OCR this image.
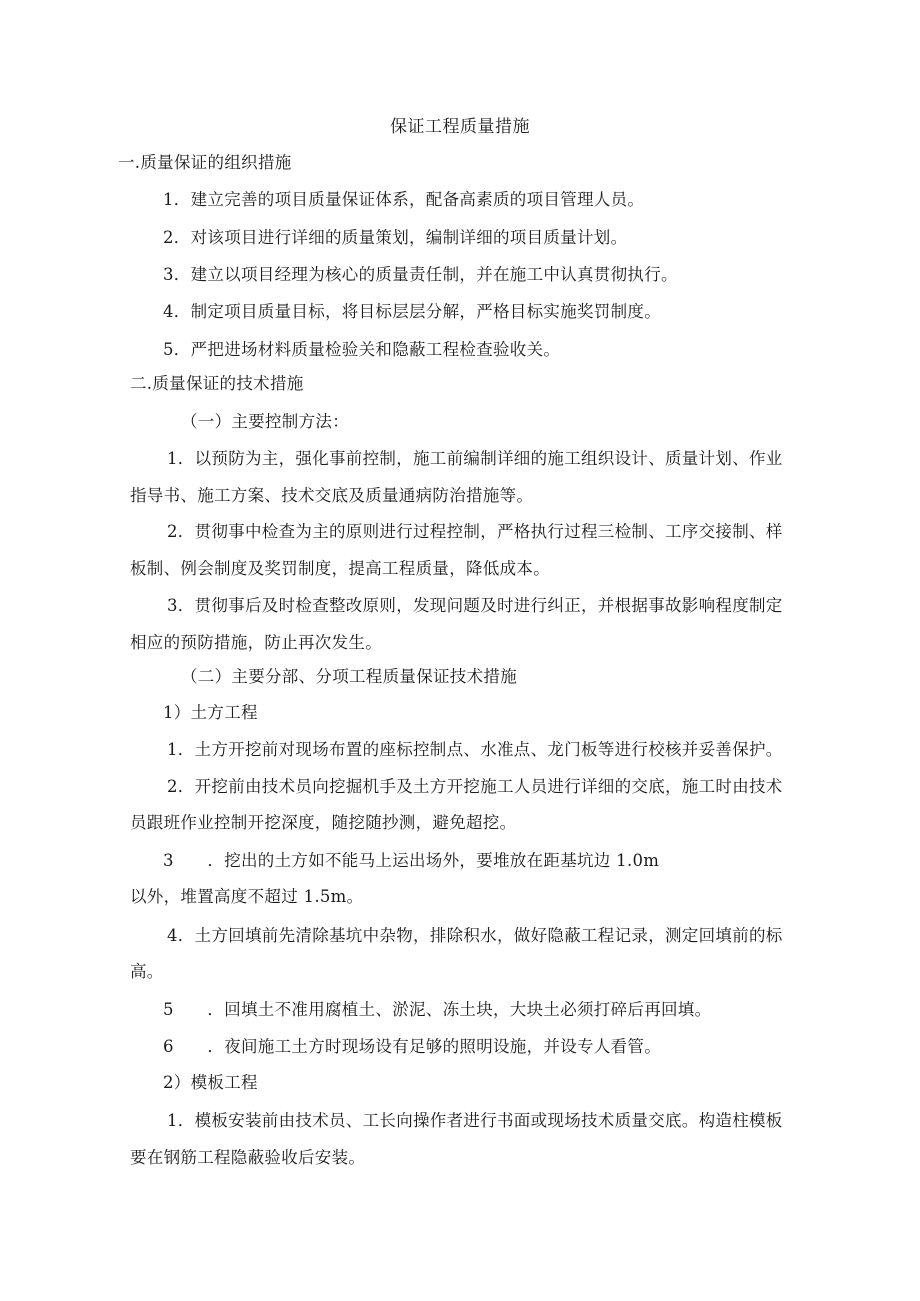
保证工程质量措施
一.质量保证的组织措施
1．建立完善的项目质量保证体系，配备高素质的项目管理人员。
2．对该项目进行详细的质量策划，编制详细的项目质量计划。
3．建立以项目经理为核心的质量责任制，并在施工中认真贯彻执行。
4．制定项目质量目标，将目标层层分解，严格目标实施奖罚制度。
5．严把进场材料质量检验关和隐蔽工程检查验收关。
二.质量保证的技术措施
（一）主要控制方法：
1．以预防为主，强化事前控制，施工前编制详细的施工组织设计、质量计划、作业
指导书、施工方案、技术交底及质量通病防治措施等。
2．贯彻事中检查为主的原则进行过程控制，严格执行过程三检制、工序交接制、样
板制、例会制度及奖罚制度，提高工程质量，降低成本。
3．贯彻事后及时检查整改原则，发现问题及时进行纠正，并根据事故影响程度制定
相应的预防措施，防止再次发生。
（二）主要分部、分项工程质量保证技术措施
1）土方工程
1．土方开挖前对现场布置的座标控制点、水准点、龙门板等进行校核并妥善保护。
2．开挖前由技术员向挖掘机手及土方开挖施工人员进行详细的交底，施工时由技术
员跟班作业控制开挖深度，随挖随抄测，避免超挖。
3　　．挖出的土方如不能马上运出场外，要堆放在距基坑边 1.0m
以外，堆置高度不超过 1.5m。
4．土方回填前先清除基坑中杂物，排除积水，做好隐蔽工程记录，测定回填前的标
高。
5　　．回填土不准用腐植土、淤泥、冻土块，大块土必须打碎后再回填。
6　　．夜间施工土方时现场设有足够的照明设施，并设专人看管。
2）模板工程
1．模板安装前由技术员、工长向操作者进行书面或现场技术质量交底。构造柱模板
要在钢筋工程隐蔽验收后安装。
